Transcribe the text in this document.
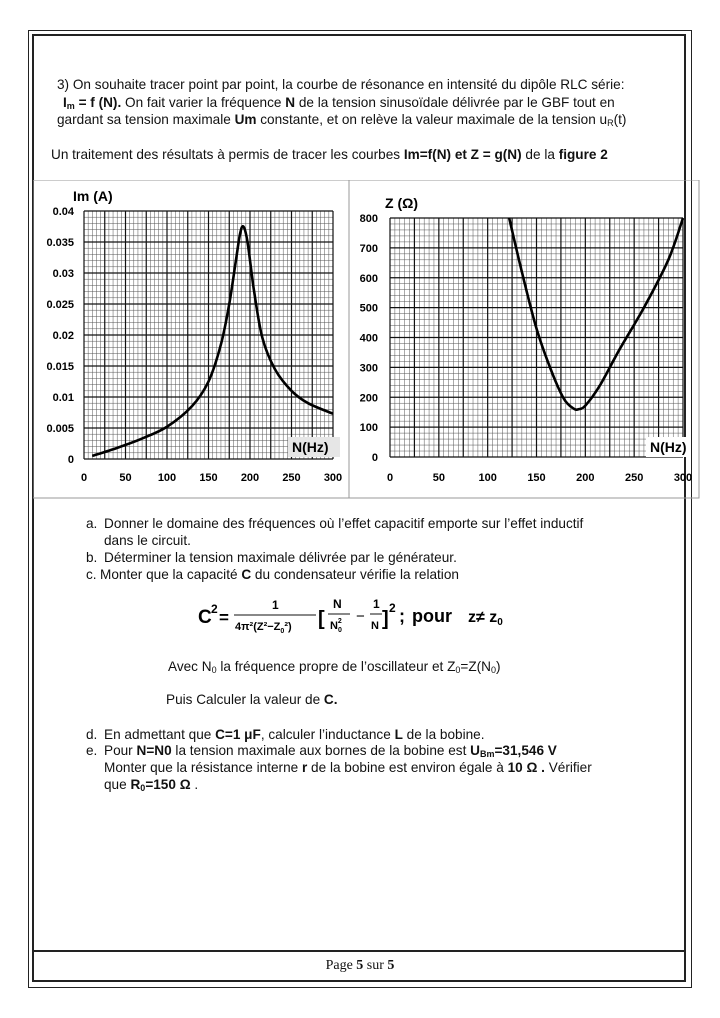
3) On souhaite tracer point par point, la courbe de résonance en intensité du dipôle RLC série:
$I_m = f$ (N). On fait varier la fréquence N de la tension sinusoïdale délivrée par le GBF tout en
gardant sa tension maximale Um constante, et on relève la valeur maximale de la tension $u_R(t)$
Un traitement des résultats à permis de tracer les courbes Im=f(N) et Z = g(N) de la figure 2
0	50 100 150 200 250 300
0
0.005
0.01
0.015
0.02
0.025
0.03
0.035
0.04
Im (A)
N(Hz)
0	50	100	150	200	250	300
0
100
200
300
400
500
600
700
800
Z (Ω)
N(Hz)
a. Donner le domaine des fréquences où l’effet capacitif emporte sur l’effet inductif
dans le circuit.
b. Déterminer la tension maximale délivrée par le générateur.
c. Monter que la capacité C du condensateur vérifie la relation
C 2 =
1
$4\pi^2(Z^2-Z_0^2)$ [
N
$N_02$ −
1
N ] 2 ; pour z≠ z0
Avec $N_0$ la fréquence propre de l’oscillateur et $Z_0=Z(N_0)$
Puis Calculer la valeur de C.
d. En admettant que C=1 μF, calculer l’inductance L de la bobine.
e. Pour N=N0 la tension maximale aux bornes de la bobine est $U_{Bm}=31,546$ V
Monter que la résistance interne r de la bobine est environ égale à 10 Ω . Vérifier
que $R_0=150$ Ω .
Page 5 sur 5
